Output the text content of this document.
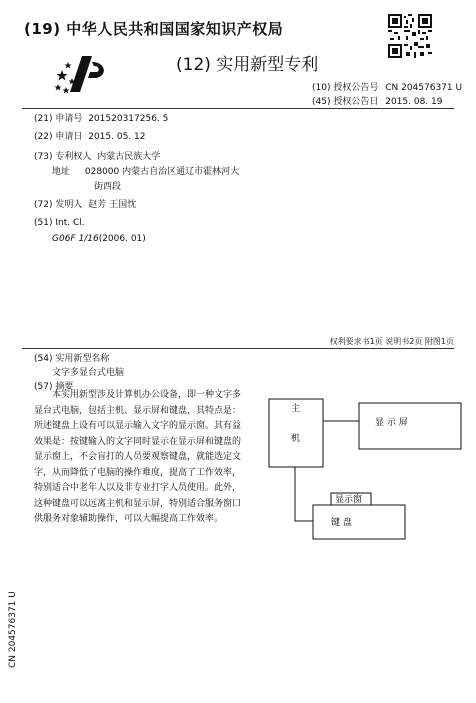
(19) 中华人民共和国国家知识产权局
(12) 实用新型专利
(10) 授权公告号 CN 204576371 U
(45) 授权公告日 2015. 08. 19
(21) 申请号 201520317256. 5
(22) 申请日 2015. 05. 12
(73) 专利权人 内蒙古民族大学
地址 028000 内蒙古自治区通辽市霍林河大
街西段
(72) 发明人 赵芳 王国忱
(51) Int. Cl.
G06F 1/16(2006. 01)
权利要求书1页 说明书2页 附图1页
(54) 实用新型名称
文字多显台式电脑
(57) 摘要
本实用新型涉及计算机办公设备，即一种文字多显台式电脑，包括主机、显示屏和键盘，其特点是：所述键盘上设有可以显示输入文字的显示窗。其有益效果是：按键输入的文字同时显示在显示屏和键盘的显示窗上，不会盲打的人员要观察键盘，就能选定文字，从而降低了电脑的操作难度，提高了工作效率，特别适合中老年人以及非专业打字人员使用。此外，这种键盘可以远离主机和显示屏，特别适合服务窗口供服务对象辅助操作，可以大幅提高工作效率。
主
机
显 示 屏
显示窗
键 盘
CN 204576371 U
